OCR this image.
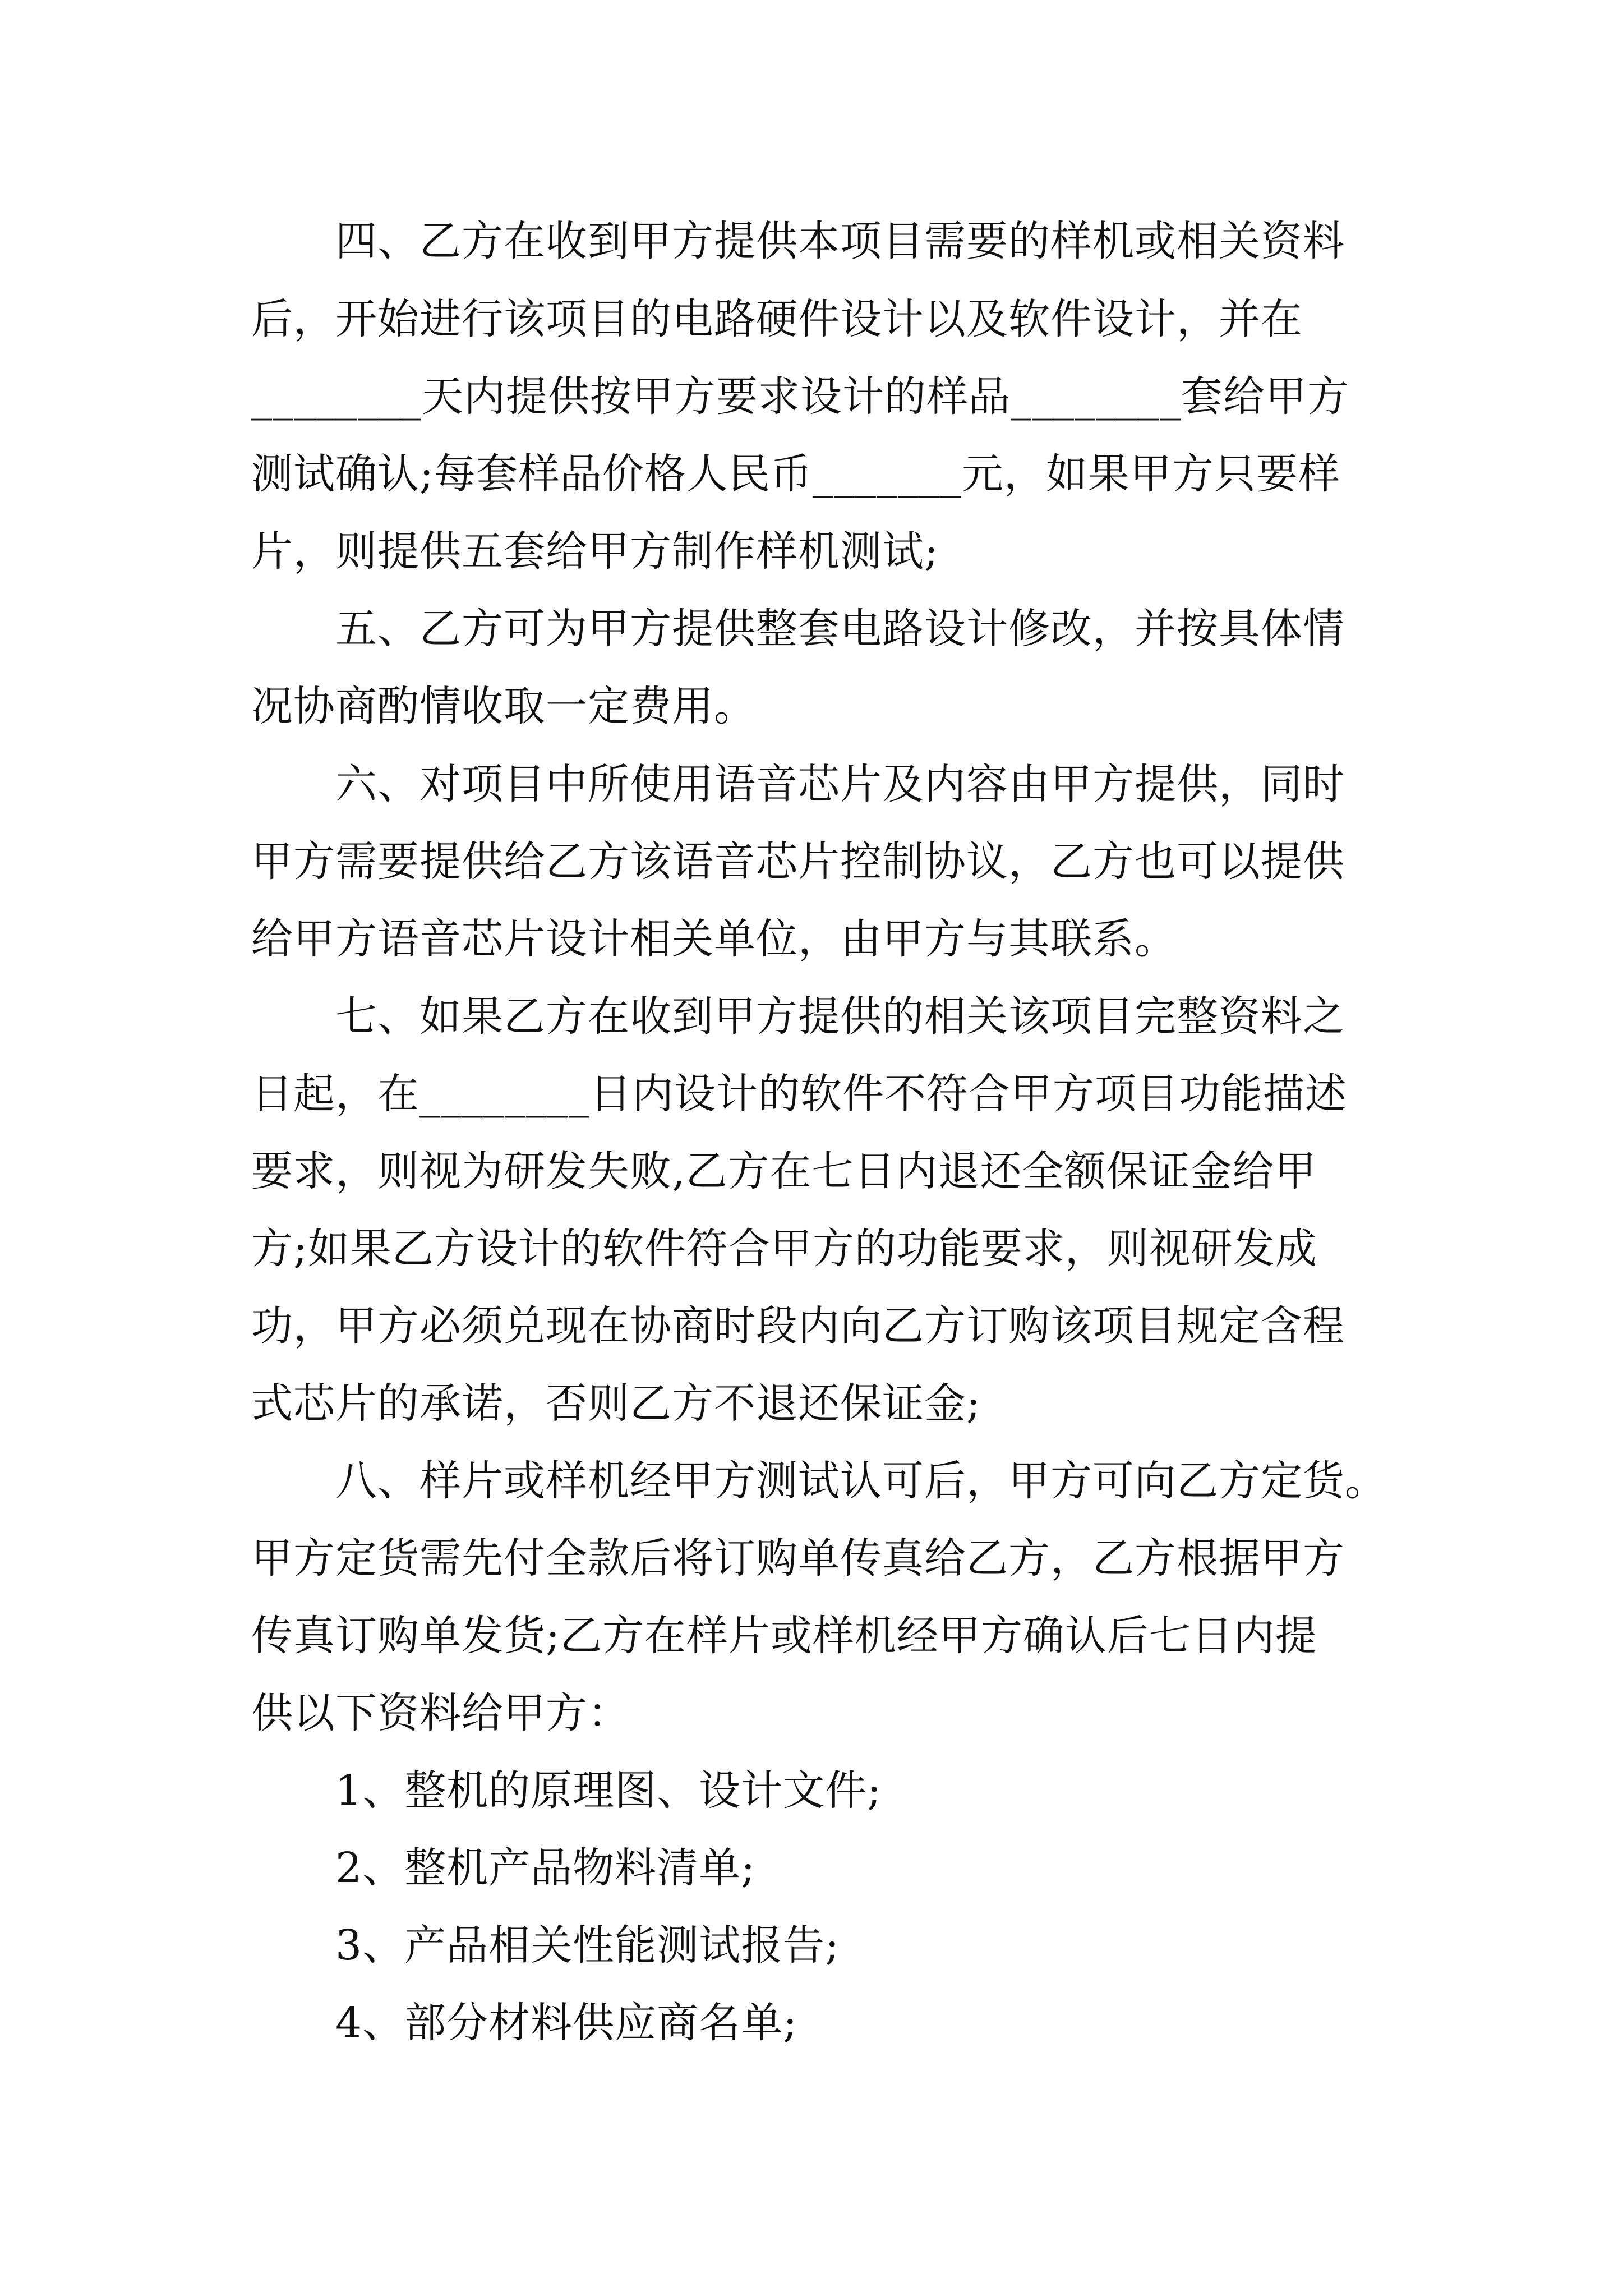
四、乙方在收到甲方提供本项目需要的样机或相关资料
后，开始进行该项目的电路硬件设计以及软件设计，并在
________天内提供按甲方要求设计的样品________套给甲方
测试确认;每套样品价格人民币_______元，如果甲方只要样
片，则提供五套给甲方制作样机测试;
五、乙方可为甲方提供整套电路设计修改，并按具体情
况协商酌情收取一定费用。
六、对项目中所使用语音芯片及内容由甲方提供，同时
甲方需要提供给乙方该语音芯片控制协议，乙方也可以提供
给甲方语音芯片设计相关单位，由甲方与其联系。
七、如果乙方在收到甲方提供的相关该项目完整资料之
日起，在________日内设计的软件不符合甲方项目功能描述
要求，则视为研发失败,乙方在七日内退还全额保证金给甲
方;如果乙方设计的软件符合甲方的功能要求，则视研发成
功，甲方必须兑现在协商时段内向乙方订购该项目规定含程
式芯片的承诺，否则乙方不退还保证金;
八、样片或样机经甲方测试认可后，甲方可向乙方定货。
甲方定货需先付全款后将订购单传真给乙方，乙方根据甲方
传真订购单发货;乙方在样片或样机经甲方确认后七日内提
供以下资料给甲方：
1、整机的原理图、设计文件;
2、整机产品物料清单;
3、产品相关性能测试报告;
4、部分材料供应商名单;
